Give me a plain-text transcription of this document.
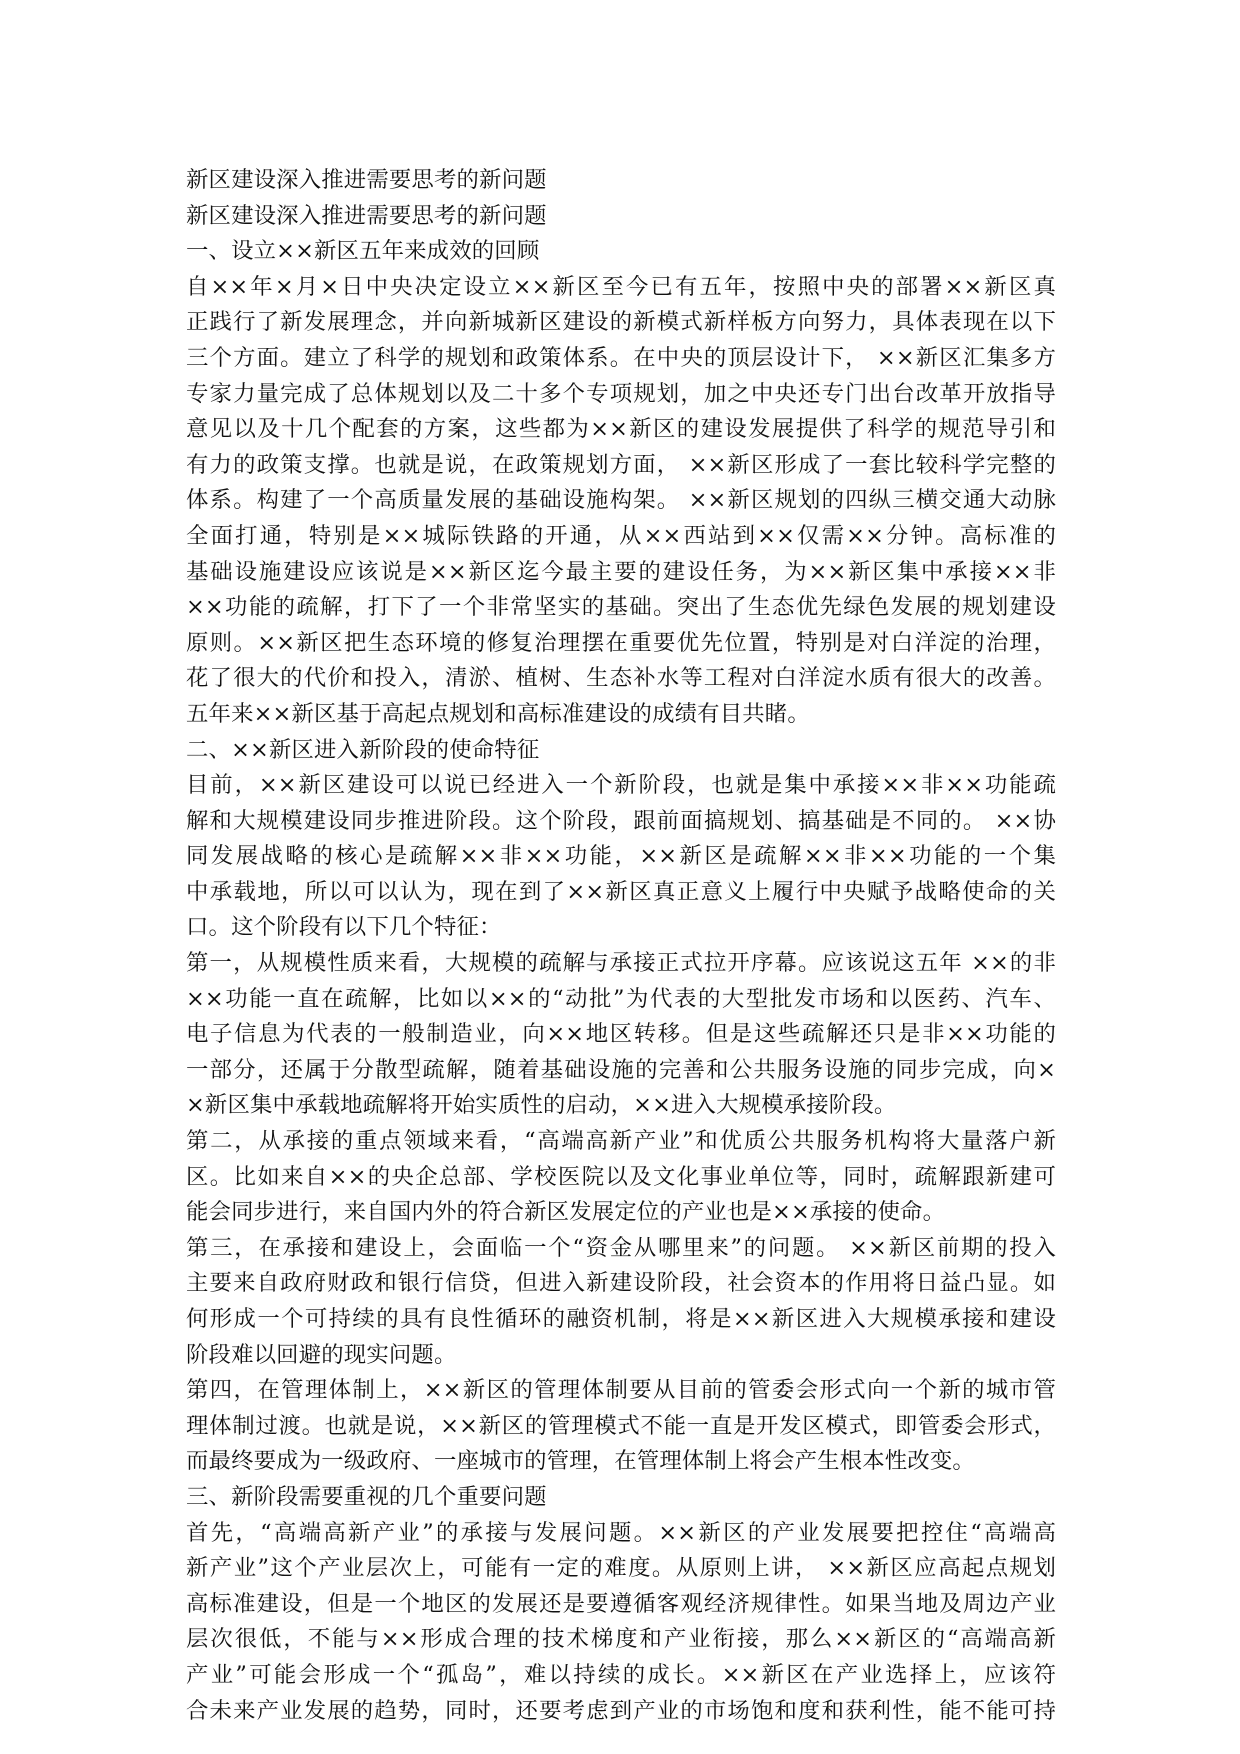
新区建设深入推进需要思考的新问题
新区建设深入推进需要思考的新问题
一、设立××新区五年来成效的回顾
自××年×月×日中央决定设立××新区至今已有五年，按照中央的部署××新区真
正践行了新发展理念，并向新城新区建设的新模式新样板方向努力，具体表现在以下
三个方面。建立了科学的规划和政策体系。在中央的顶层设计下， ××新区汇集多方
专家力量完成了总体规划以及二十多个专项规划，加之中央还专门出台改革开放指导
意见以及十几个配套的方案，这些都为××新区的建设发展提供了科学的规范导引和
有力的政策支撑。也就是说，在政策规划方面， ××新区形成了一套比较科学完整的
体系。构建了一个高质量发展的基础设施构架。 ××新区规划的四纵三横交通大动脉
全面打通，特别是××城际铁路的开通，从××西站到××仅需××分钟。高标准的
基础设施建设应该说是××新区迄今最主要的建设任务，为××新区集中承接××非
××功能的疏解，打下了一个非常坚实的基础。突出了生态优先绿色发展的规划建设
原则。××新区把生态环境的修复治理摆在重要优先位置，特别是对白洋淀的治理，
花了很大的代价和投入，清淤、植树、生态补水等工程对白洋淀水质有很大的改善。
五年来××新区基于高起点规划和高标准建设的成绩有目共睹。
二、××新区进入新阶段的使命特征
目前，××新区建设可以说已经进入一个新阶段，也就是集中承接××非××功能疏
解和大规模建设同步推进阶段。这个阶段，跟前面搞规划、搞基础是不同的。 ××协
同发展战略的核心是疏解××非××功能，××新区是疏解××非××功能的一个集
中承载地，所以可以认为，现在到了××新区真正意义上履行中央赋予战略使命的关
口。这个阶段有以下几个特征：
第一，从规模性质来看，大规模的疏解与承接正式拉开序幕。应该说这五年 ××的非
××功能一直在疏解，比如以××的“动批”为代表的大型批发市场和以医药、汽车、
电子信息为代表的一般制造业，向××地区转移。但是这些疏解还只是非××功能的
一部分，还属于分散型疏解，随着基础设施的完善和公共服务设施的同步完成，向×
×新区集中承载地疏解将开始实质性的启动，××进入大规模承接阶段。
第二，从承接的重点领域来看，“高端高新产业”和优质公共服务机构将大量落户新
区。比如来自××的央企总部、学校医院以及文化事业单位等，同时，疏解跟新建可
能会同步进行，来自国内外的符合新区发展定位的产业也是××承接的使命。
第三，在承接和建设上，会面临一个“资金从哪里来”的问题。 ××新区前期的投入
主要来自政府财政和银行信贷，但进入新建设阶段，社会资本的作用将日益凸显。如
何形成一个可持续的具有良性循环的融资机制，将是××新区进入大规模承接和建设
阶段难以回避的现实问题。
第四，在管理体制上，××新区的管理体制要从目前的管委会形式向一个新的城市管
理体制过渡。也就是说，××新区的管理模式不能一直是开发区模式，即管委会形式，
而最终要成为一级政府、一座城市的管理，在管理体制上将会产生根本性改变。
三、新阶段需要重视的几个重要问题
首先，“高端高新产业”的承接与发展问题。××新区的产业发展要把控住“高端高
新产业”这个产业层次上，可能有一定的难度。从原则上讲， ××新区应高起点规划
高标准建设，但是一个地区的发展还是要遵循客观经济规律性。如果当地及周边产业
层次很低，不能与××形成合理的技术梯度和产业衔接，那么××新区的“高端高新
产业”可能会形成一个“孤岛”，难以持续的成长。××新区在产业选择上，应该符
合未来产业发展的趋势，同时，还要考虑到产业的市场饱和度和获利性，能不能可持
